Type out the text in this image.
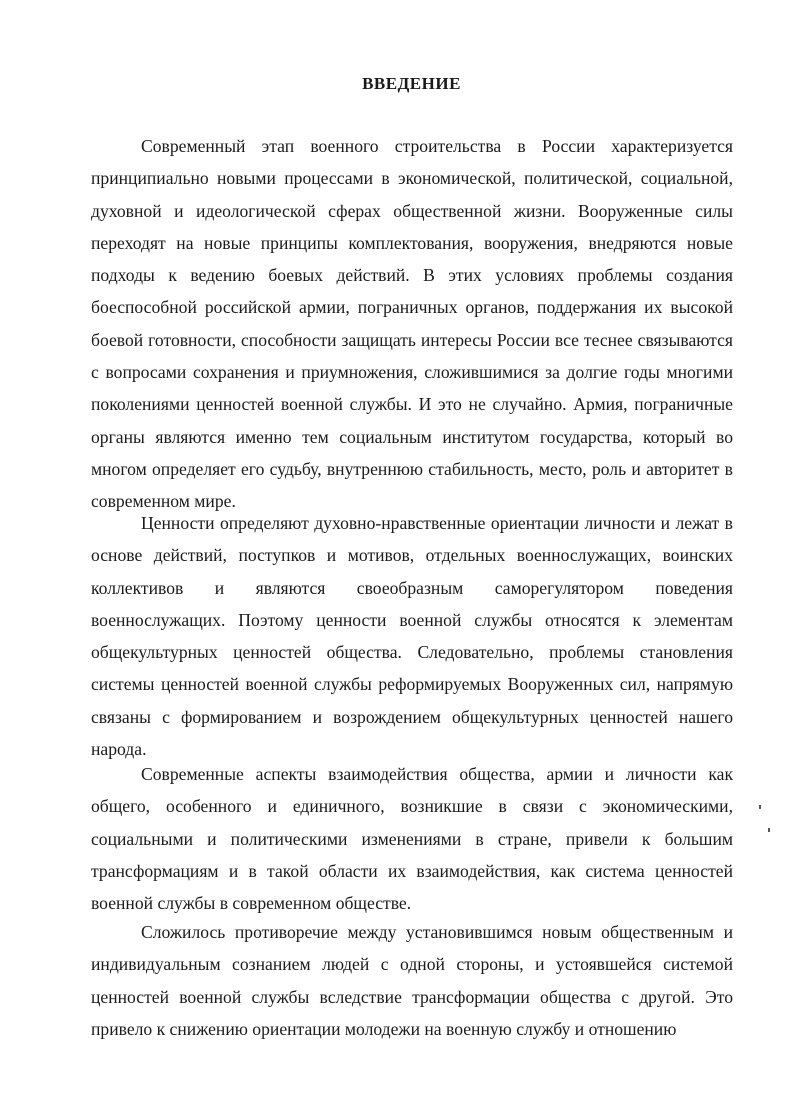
ВВЕДЕНИЕ

Современный этап военного строительства в России характеризуется принципиально новыми процессами в экономической, политической, социальной, духовной и идеологической сферах общественной жизни. Вооруженные силы переходят на новые принципы комплектования, вооружения, внедряются новые подходы к ведению боевых действий. В этих условиях проблемы создания боеспособной российской армии, пограничных органов, поддержания их высокой боевой готовности, способности защищать интересы России все теснее связываются с вопросами сохранения и приумножения, сложившимися за долгие годы многими поколениями ценностей военной службы. И это не случайно. Армия, пограничные органы являются именно тем социальным институтом государства, который во многом определяет его судьбу, внутреннюю стабильность, место, роль и авторитет в современном мире.

Ценности определяют духовно-нравственные ориентации личности и лежат в основе действий, поступков и мотивов, отдельных военнослужащих, воинских коллективов и являются своеобразным саморегулятором поведения военнослужащих. Поэтому ценности военной службы относятся к элементам общекультурных ценностей общества. Следовательно, проблемы становления системы ценностей военной службы реформируемых Вооруженных сил, напрямую связаны с формированием и возрождением общекультурных ценностей нашего народа.

Современные аспекты взаимодействия общества, армии и личности как общего, особенного и единичного, возникшие в связи с экономическими, социальными и политическими изменениями в стране, привели к большим трансформациям и в такой области их взаимодействия, как система ценностей военной службы в современном обществе.

Сложилось противоречие между установившимся новым общественным и индивидуальным сознанием людей с одной стороны, и устоявшейся системой ценностей военной службы вследствие трансформации общества с другой. Это привело к снижению ориентации молодежи на военную службу и отношению
